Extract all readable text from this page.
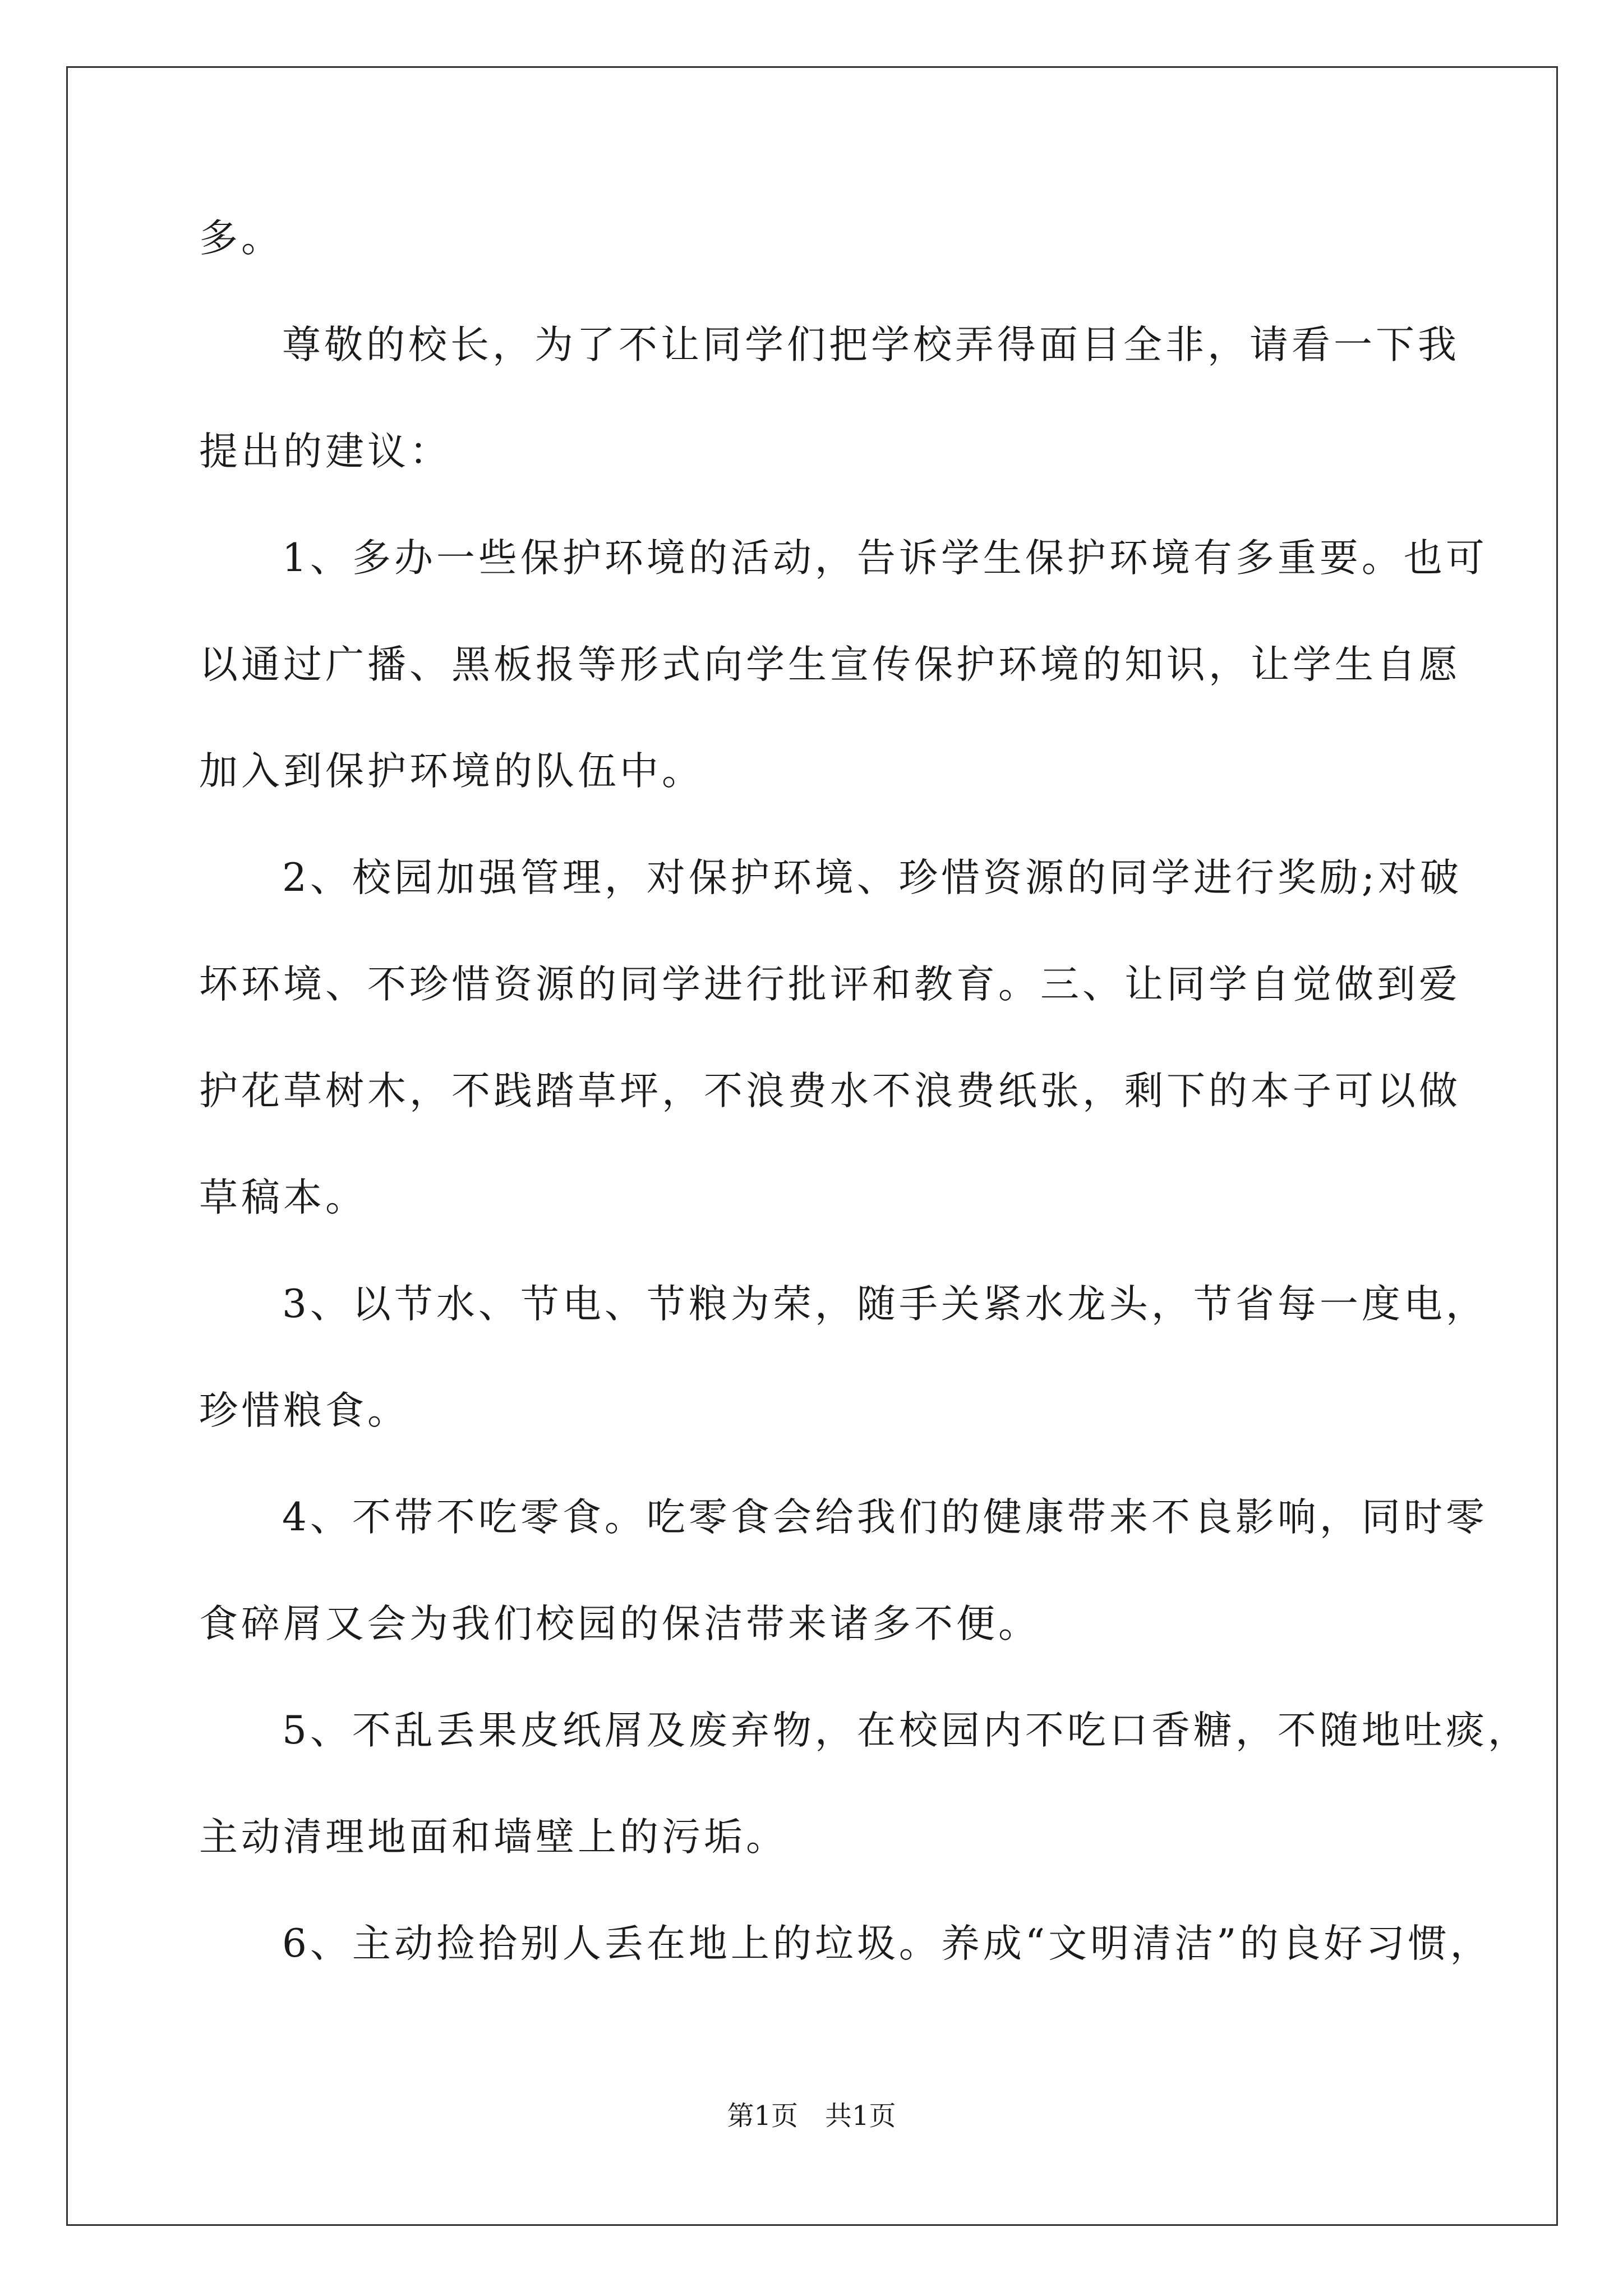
多。
尊敬的校长，为了不让同学们把学校弄得面目全非，请看一下我
提出的建议：
1、多办一些保护环境的活动，告诉学生保护环境有多重要。也可
以通过广播、黑板报等形式向学生宣传保护环境的知识，让学生自愿
加入到保护环境的队伍中。
2、校园加强管理，对保护环境、珍惜资源的同学进行奖励;对破
坏环境、不珍惜资源的同学进行批评和教育。三、让同学自觉做到爱
护花草树木，不践踏草坪，不浪费水不浪费纸张，剩下的本子可以做
草稿本。
3、以节水、节电、节粮为荣，随手关紧水龙头，节省每一度电，
珍惜粮食。
4、不带不吃零食。吃零食会给我们的健康带来不良影响，同时零
食碎屑又会为我们校园的保洁带来诸多不便。
5、不乱丢果皮纸屑及废弃物，在校园内不吃口香糖，不随地吐痰，
主动清理地面和墙壁上的污垢。
6、主动捡拾别人丢在地上的垃圾。养成“文明清洁”的良好习惯，
第1页 共1页
